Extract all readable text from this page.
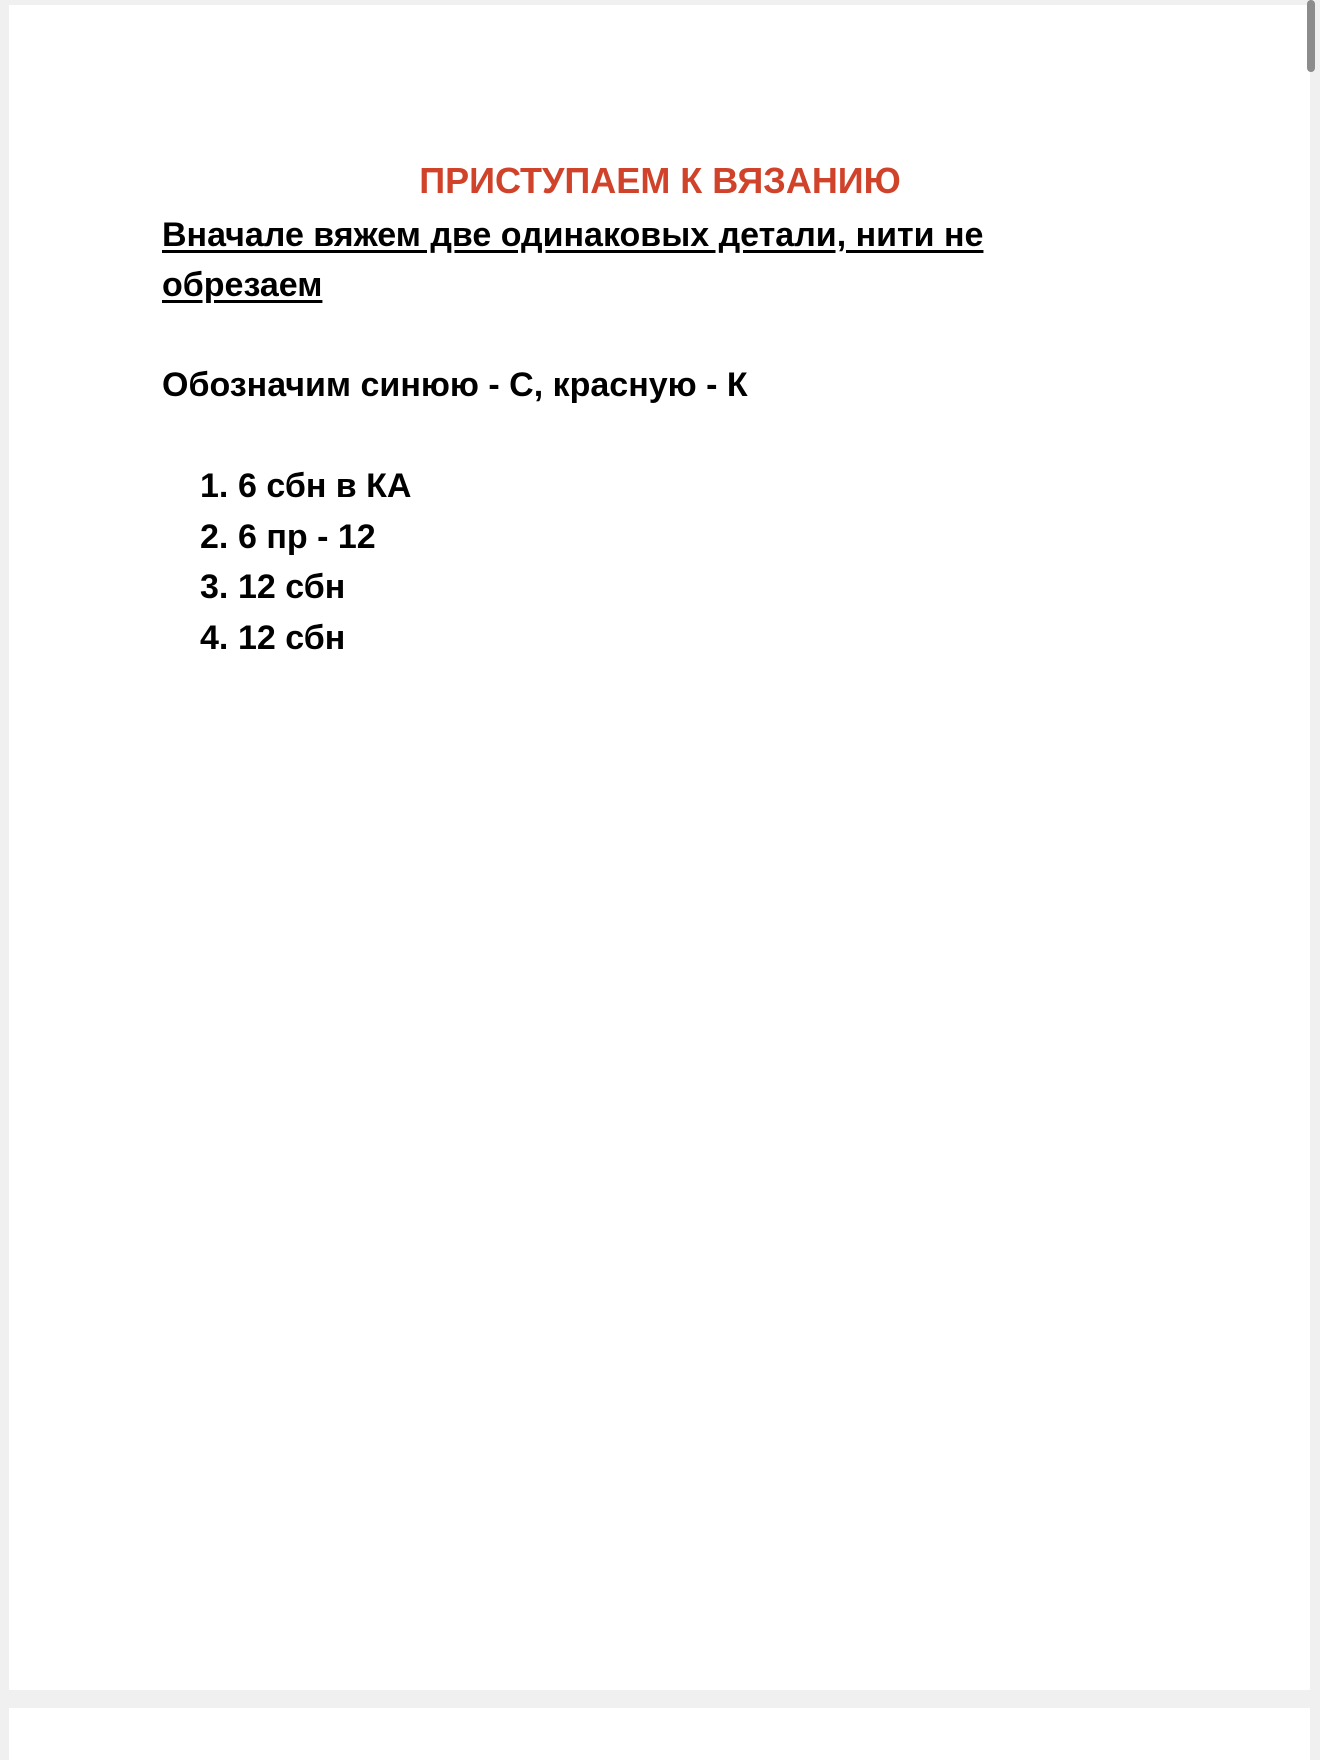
ПРИСТУПАЕМ К ВЯЗАНИЮ

Вначале вяжем две одинаковых детали, нити не обрезаем

Обозначим синюю - С, красную - К

1. 6 сбн в КА
2. 6 пр - 12
3. 12 сбн
4. 12 сбн
